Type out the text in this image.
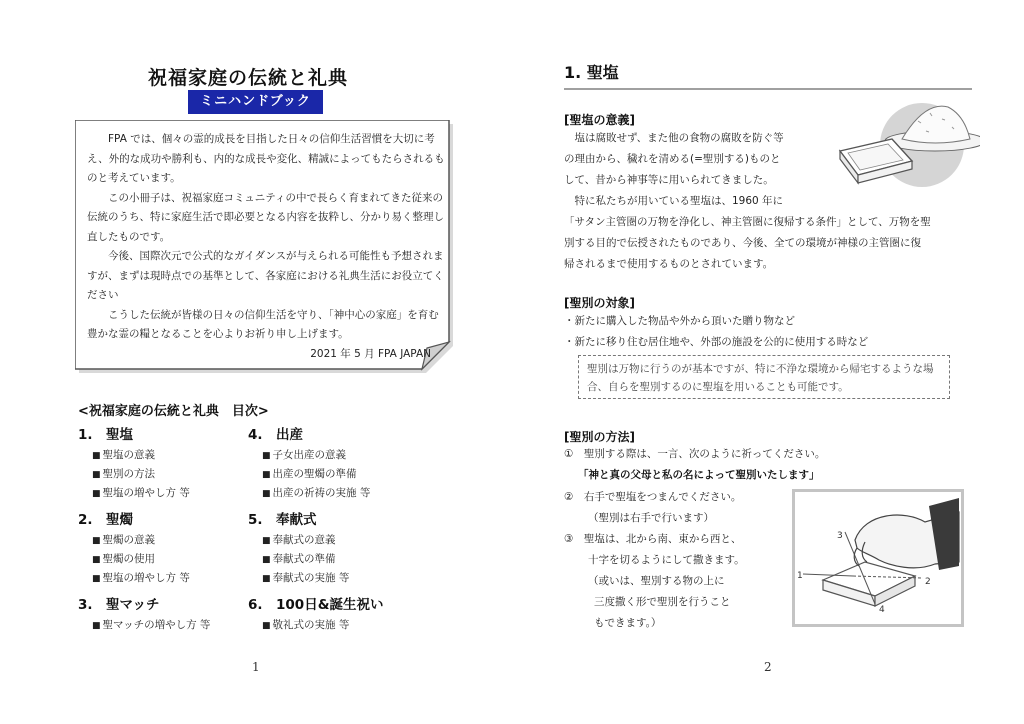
祝福家庭の伝統と礼典
ミニハンドブック

FPA では、個々の霊的成長を目指した日々の信仰生活習慣を大切に考え、外的な成功や勝利も、内的な成長や変化、精誠によってもたらされるものと考えています。

この小冊子は、祝福家庭コミュニティの中で長らく育まれてきた従来の伝統のうち、特に家庭生活で即必要となる内容を抜粋し、分かり易く整理し直したものです。

今後、国際次元で公式的なガイダンスが与えられる可能性も予想されますが、まずは現時点での基準として、各家庭における礼典生活にお役立てください

こうした伝統が皆様の日々の信仰生活を守り、「神中心の家庭」を育む豊かな霊の糧となることを心よりお祈り申し上げます。

2021 年 5 月 FPA JAPAN

<祝福家庭の伝統と礼典　目次>
1.　聖塩
■ 聖塩の意義
■ 聖別の方法
■ 聖塩の増やし方 等
4.　出産
■ 子女出産の意義
■ 出産の聖燭の準備
■ 出産の祈祷の実施 等
2.　聖燭
■ 聖燭の意義
■ 聖燭の使用
■ 聖塩の増やし方 等
5.　奉献式
■ 奉献式の意義
■ 奉献式の準備
■ 奉献式の実施 等
3.　聖マッチ
■ 聖マッチの増やし方 等
6.　100日&誕生祝い
■ 敬礼式の実施 等
1
1. 聖塩
[聖塩の意義]

塩は腐敗せず、また他の食物の腐敗を防ぐ等

の理由から、穢れを清める(=聖別する)ものと

して、昔から神事等に用いられてきました。

特に私たちが用いている聖塩は、1960 年に

「サタン主管圏の万物を浄化し、神主管圏に復帰する条件」として、万物を聖

別する目的で伝授されたものであり、今後、全ての環境が神様の主管圏に復

帰されるまで使用するものとされています。

[聖別の対象]

・新たに購入した物品や外から頂いた贈り物など

・新たに移り住む居住地や、外部の施設を公的に使用する時など

聖別は万物に行うのが基本ですが、特に不浄な環境から帰宅するような場合、自らを聖別するのに聖塩を用いることも可能です。
[聖別の方法]
①　聖別する際は、一言、次のように祈ってください。
「神と真の父母と私の名によって聖別いたします」
②　右手で聖塩をつまんでください。
（聖別は右手で行います）
③　聖塩は、北から南、東から西と、
十字を切るようにして撒きます。
（或いは、聖別する物の上に
三度撒く形で聖別を行うこと
もできます。）
1
2
3
4
2
